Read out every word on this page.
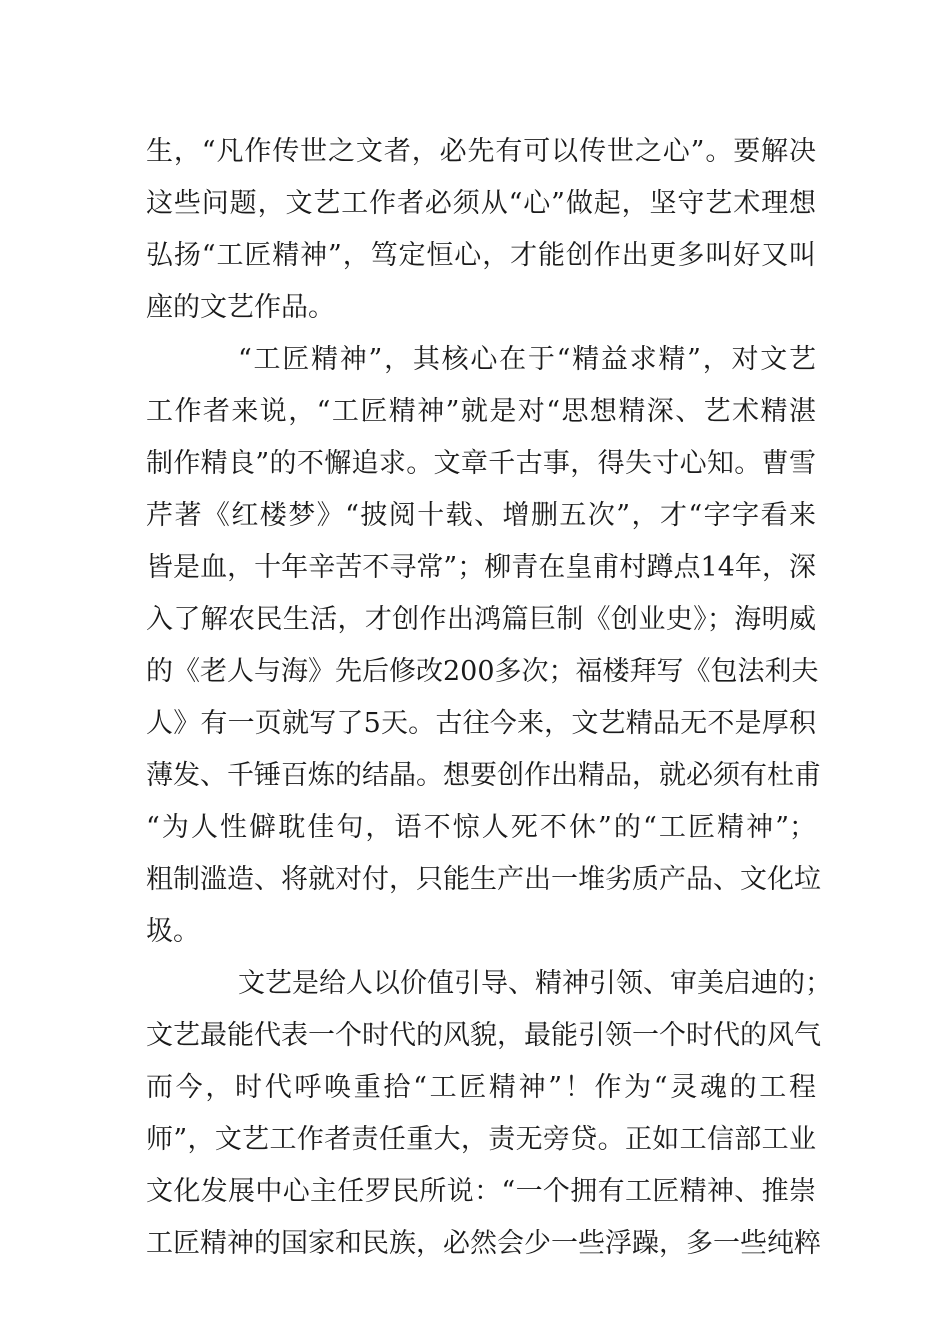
生，“凡作传世之文者，必先有可以传世之心”。要解决
这些问题，文艺工作者必须从“心”做起，坚守艺术理想
弘扬“工匠精神”，笃定恒心，才能创作出更多叫好又叫
座的文艺作品。
“工匠精神”，其核心在于“精益求精”，对文艺
工作者来说，“工匠精神”就是对“思想精深、艺术精湛
制作精良”的不懈追求。文章千古事，得失寸心知。曹雪
芹著《红楼梦》“披阅十载、增删五次”，才“字字看来
皆是血，十年辛苦不寻常”；柳青在皇甫村蹲点14年，深
入了解农民生活，才创作出鸿篇巨制《创业史》；海明威
的《老人与海》先后修改200多次；福楼拜写《包法利夫
人》有一页就写了5天。古往今来，文艺精品无不是厚积
薄发、千锤百炼的结晶。想要创作出精品，就必须有杜甫
“为人性僻耽佳句，语不惊人死不休”的“工匠精神”；
粗制滥造、将就对付，只能生产出一堆劣质产品、文化垃
圾。
文艺是给人以价值引导、精神引领、审美启迪的；
文艺最能代表一个时代的风貌，最能引领一个时代的风气
而今，时代呼唤重拾“工匠精神”！作为“灵魂的工程
师”，文艺工作者责任重大，责无旁贷。正如工信部工业
文化发展中心主任罗民所说：“一个拥有工匠精神、推崇
工匠精神的国家和民族，必然会少一些浮躁，多一些纯粹
